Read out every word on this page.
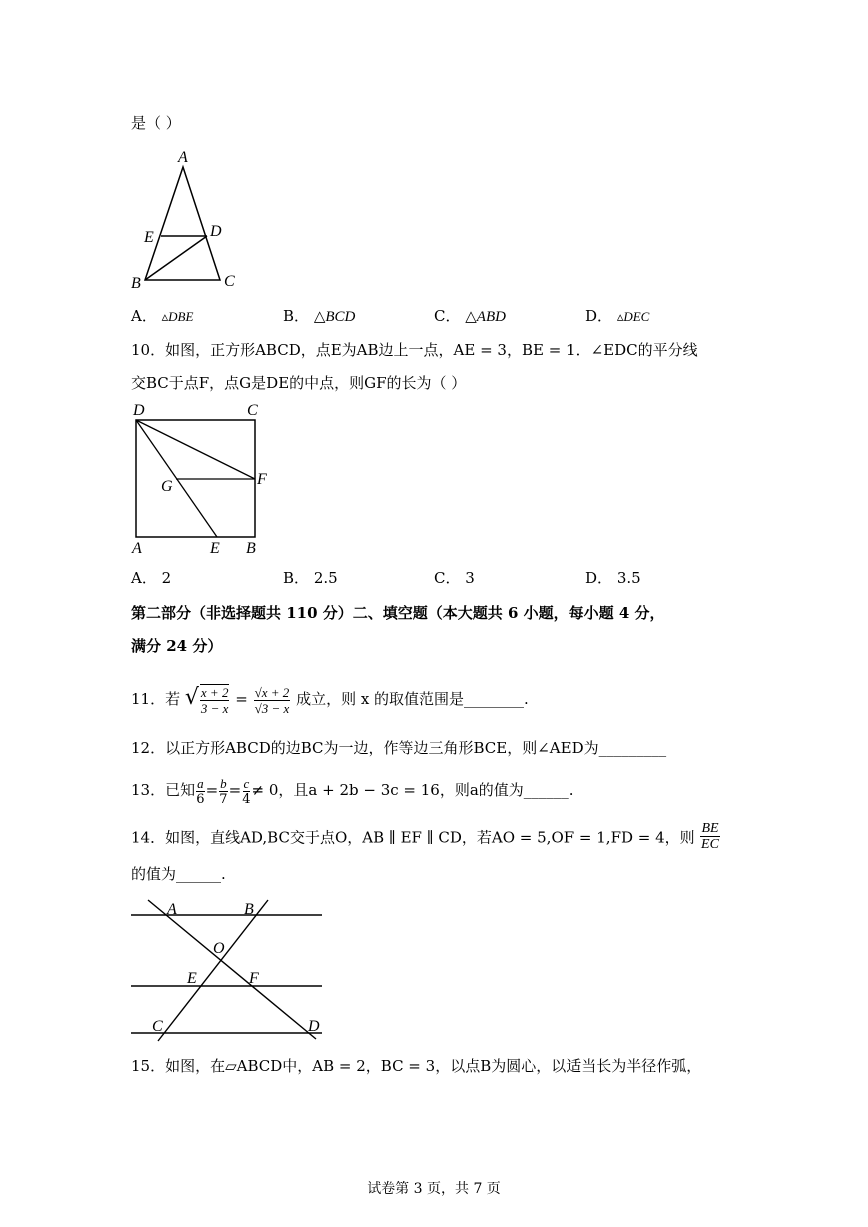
是（ ）
A
E	D
B	C
A． ▵DBE	B． △BCD	C． △ABD	D． ▵DEC
10．如图，正方形ABCD，点E为AB边上一点，AE = 3，BE = 1．∠EDC的平分线
交BC于点F，点G是DE的中点，则GF的长为（ ）
D	C
G	F
A	E B
A． 2	B． 2.5	C． 3	D． 3.5
第二部分（非选择题共 110 分）二、填空题（本大题共 6 小题，每小题 4 分，
满分 24 分）
11．若 √ $\frac{x + 2}{3 - x} = \frac{√x + 2}{√3 - x}$ 成立，则 x 的取值范围是________.
12．以正方形ABCD的边BC为一边，作等边三角形BCE，则∠AED为_________
13．已知 $\frac{a}{6} = \frac{b}{7} = \frac{c}{4} \ne 0$，且a + 2b − 3c = 16，则a的值为______.
14．如图，直线AD,BC交于点O，AB ∥ EF ∥ CD，若AO = 5,OF = 1,FD = 4，则 $\frac{BE}{EC}$
的值为______.
A	B
O
E	F
C	D
15．如图，在▱ABCD中，AB = 2，BC = 3，以点B为圆心，以适当长为半径作弧，
试卷第 3 页，共 7 页
